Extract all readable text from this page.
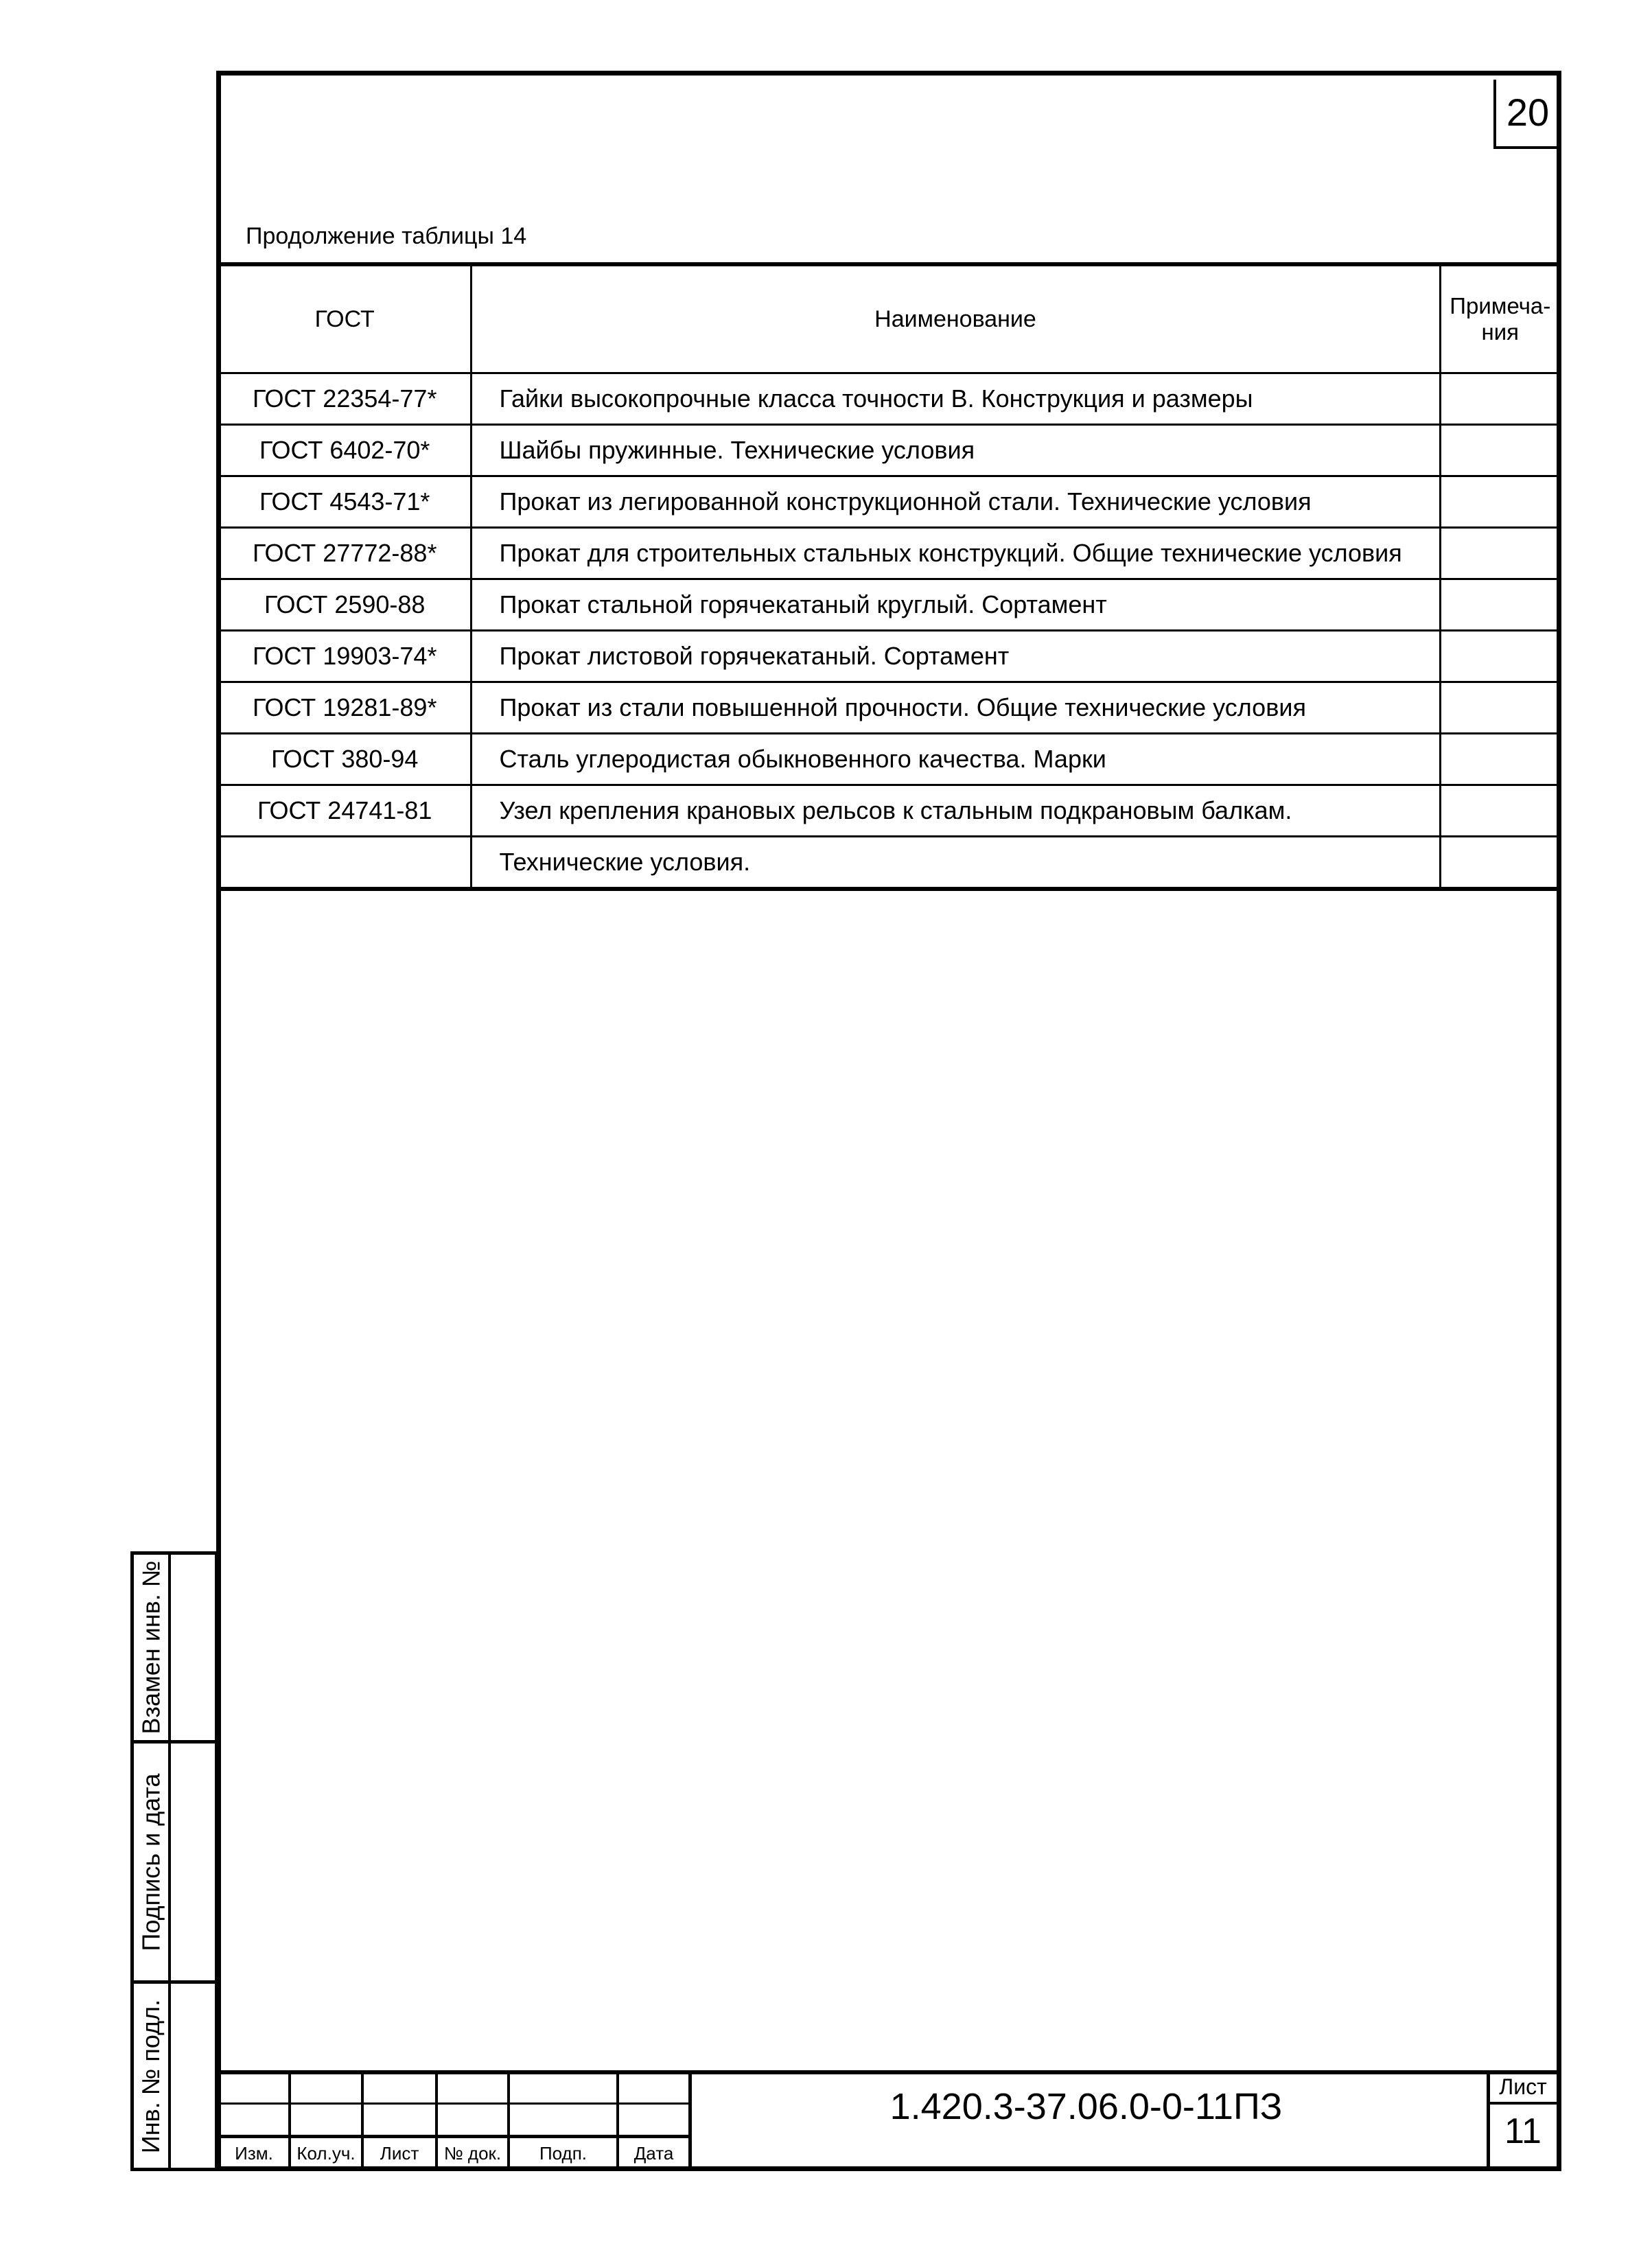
20
Продолжение таблицы 14
ГОСТ	Наименование	Примеча-
ния
ГОСТ 22354-77*	Гайки высокопрочные класса точности В. Конструкция и размеры	
ГОСТ 6402-70*	Шайбы пружинные. Технические условия	
ГОСТ 4543-71*	Прокат из легированной конструкционной стали. Технические условия	
ГОСТ 27772-88*	Прокат для строительных стальных конструкций. Общие технические условия	
ГОСТ 2590-88	Прокат стальной горячекатаный круглый. Сортамент	
ГОСТ 19903-74*	Прокат листовой горячекатаный. Сортамент	
ГОСТ 19281-89*	Прокат из стали повышенной прочности. Общие технические условия	
ГОСТ 380-94	Сталь углеродистая обыкновенного качества. Марки	
ГОСТ 24741-81	Узел крепления крановых рельсов к стальным подкрановым балкам.	
	Технические условия.	
Взамен инв. №
Подпись и дата
Инв. № подл.	Изм.	Кол.уч.	Лист	№ док.	Подп.	Дата
1.420.3-37.06.0-0-11ПЗ	Лист
11
